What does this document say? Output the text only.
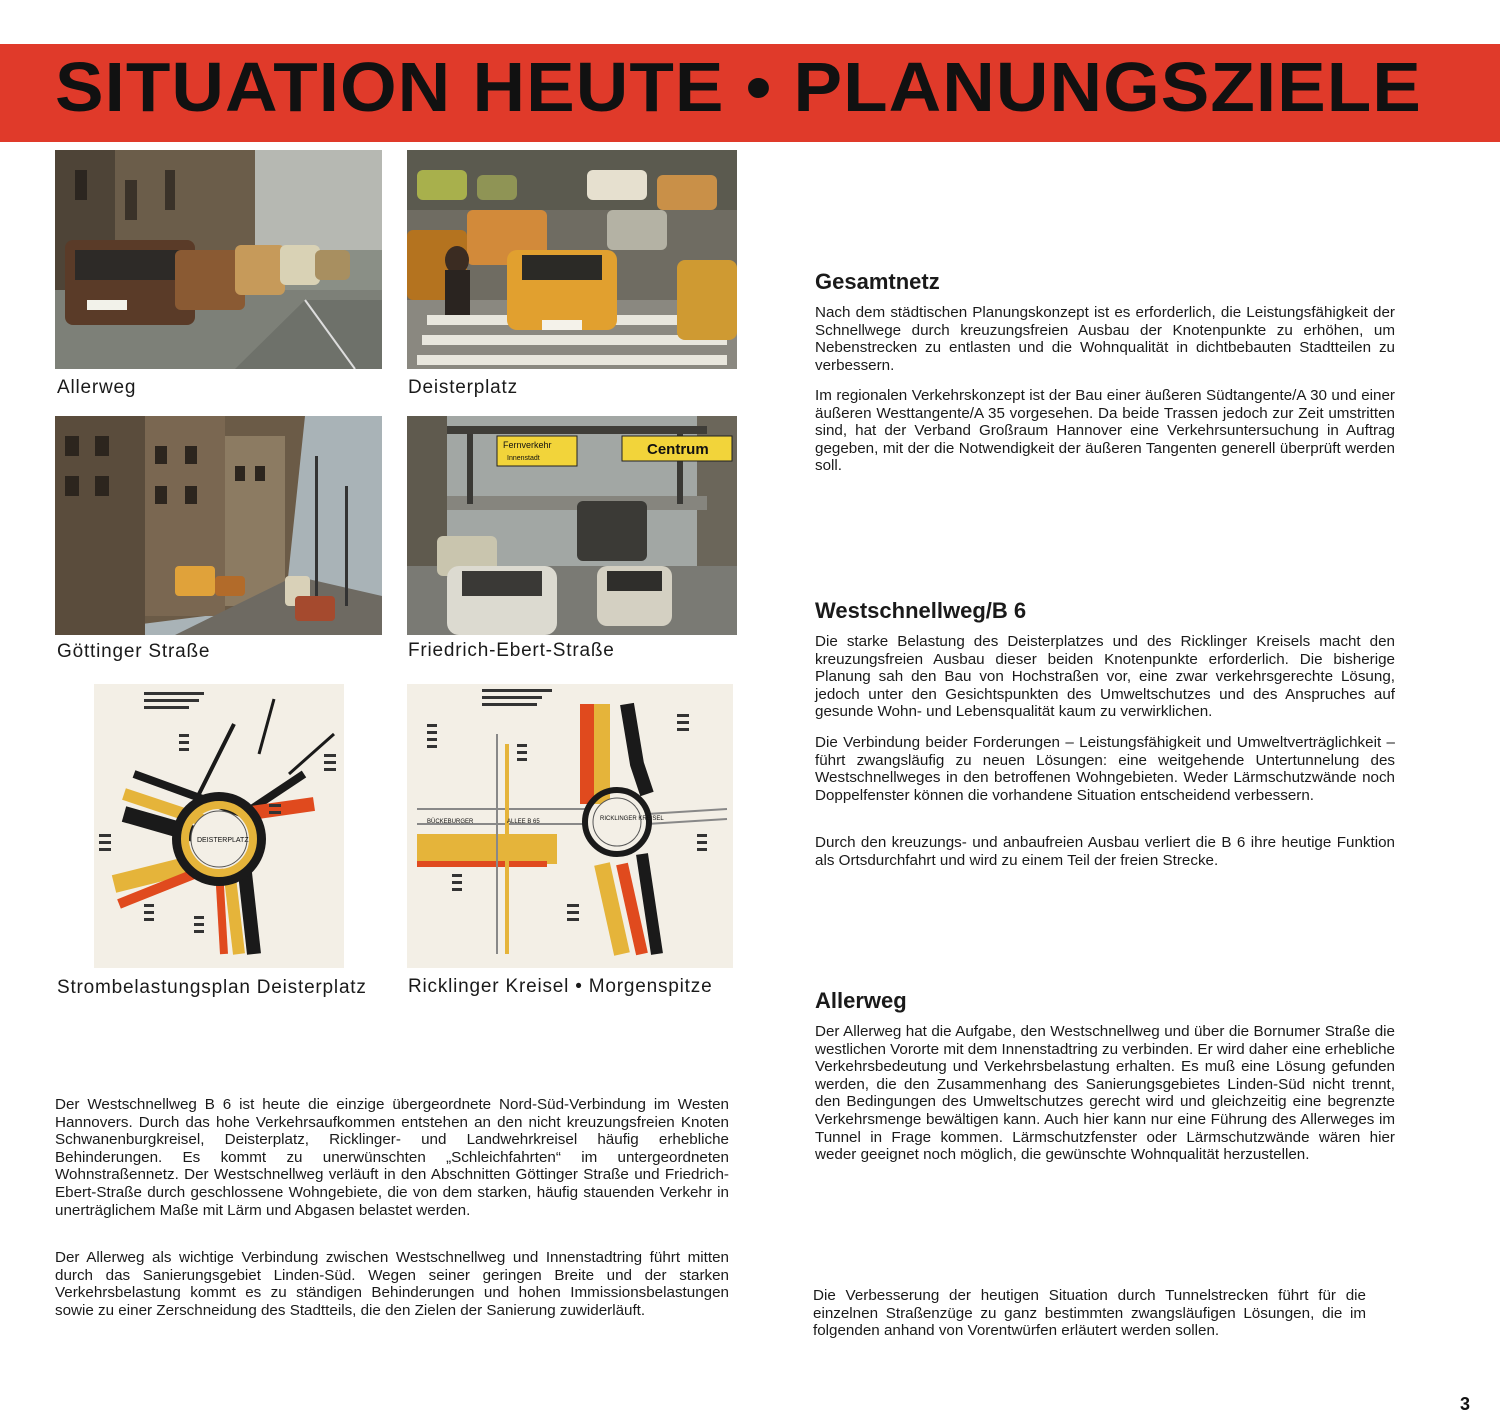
SITUATION HEUTE • PLANUNGSZIELE
Allerweg	Deisterplatz
Göttinger Straße
Fernverkehr
Innenstadt
Centrum
Friedrich-Ebert-Straße
DEISTERPLATZ
RICKLINGER KREISEL
ALLEE B 65
BÜCKEBURGER
Strombelastungsplan Deisterplatz Ricklinger Kreisel • Morgenspitze

Der Westschnellweg B 6 ist heute die einzige übergeordnete Nord-Süd-Verbindung im Westen Hannovers. Durch das hohe Verkehrsaufkommen entstehen an den nicht kreuzungsfreien Knoten Schwanenburgkreisel, Deisterplatz, Ricklinger- und Landwehrkreisel häufig erhebliche Behinderungen. Es kommt zu unerwünschten „Schleichfahrten“ im untergeordneten Wohnstraßennetz. Der Westschnellweg verläuft in den Abschnitten Göttinger Straße und Friedrich-Ebert-Straße durch geschlossene Wohngebiete, die von dem starken, häufig stauenden Verkehr in unerträglichem Maße mit Lärm und Abgasen belastet werden.

Der Allerweg als wichtige Verbindung zwischen Westschnellweg und Innenstadtring führt mitten durch das Sanierungsgebiet Linden-Süd. Wegen seiner geringen Breite und der starken Verkehrsbelastung kommt es zu ständigen Behinderungen und hohen Immissionsbelastungen sowie zu einer Zerschneidung des Stadtteils, die den Zielen der Sanierung zuwiderläuft.

Gesamtnetz

Nach dem städtischen Planungskonzept ist es erforderlich, die Leistungsfähigkeit der Schnellwege durch kreuzungsfreien Ausbau der Knotenpunkte zu erhöhen, um Nebenstrecken zu entlasten und die Wohnqualität in dichtbebauten Stadtteilen zu verbessern.

Im regionalen Verkehrskonzept ist der Bau einer äußeren Südtangente/A 30 und einer äußeren Westtangente/A 35 vorgesehen. Da beide Trassen jedoch zur Zeit umstritten sind, hat der Verband Großraum Hannover eine Verkehrsuntersuchung in Auftrag gegeben, mit der die Notwendigkeit der äußeren Tangenten generell überprüft werden soll.

Westschnellweg/B 6

Die starke Belastung des Deisterplatzes und des Ricklinger Kreisels macht den kreuzungsfreien Ausbau dieser beiden Knotenpunkte erforderlich. Die bisherige Planung sah den Bau von Hochstraßen vor, eine zwar verkehrsgerechte Lösung, jedoch unter den Gesichtspunkten des Umweltschutzes und des Anspruches auf gesunde Wohn- und Lebensqualität kaum zu verwirklichen.

Die Verbindung beider Forderungen – Leistungsfähigkeit und Umweltverträglichkeit – führt zwangsläufig zu neuen Lösungen: eine weitgehende Untertunnelung des Westschnellweges in den betroffenen Wohngebieten. Weder Lärmschutzwände noch Doppelfenster können die vorhandene Situation entscheidend verbessern.

Durch den kreuzungs- und anbaufreien Ausbau verliert die B 6 ihre heutige Funktion als Ortsdurchfahrt und wird zu einem Teil der freien Strecke.

Allerweg

Der Allerweg hat die Aufgabe, den Westschnellweg und über die Bornumer Straße die westlichen Vororte mit dem Innenstadtring zu verbinden. Er wird daher eine erhebliche Verkehrsbedeutung und Verkehrsbelastung erhalten. Es muß eine Lösung gefunden werden, die den Zusammenhang des Sanierungsgebietes Linden-Süd nicht trennt, den Bedingungen des Umweltschutzes gerecht wird und gleichzeitig eine begrenzte Verkehrsmenge bewältigen kann. Auch hier kann nur eine Führung des Allerweges im Tunnel in Frage kommen. Lärmschutzfenster oder Lärmschutzwände wären hier weder geeignet noch möglich, die gewünschte Wohnqualität herzustellen.

Die Verbesserung der heutigen Situation durch Tunnelstrecken führt für die einzelnen Straßenzüge zu ganz bestimmten zwangsläufigen Lösungen, die im folgenden anhand von Vorentwürfen erläutert werden sollen.

3
